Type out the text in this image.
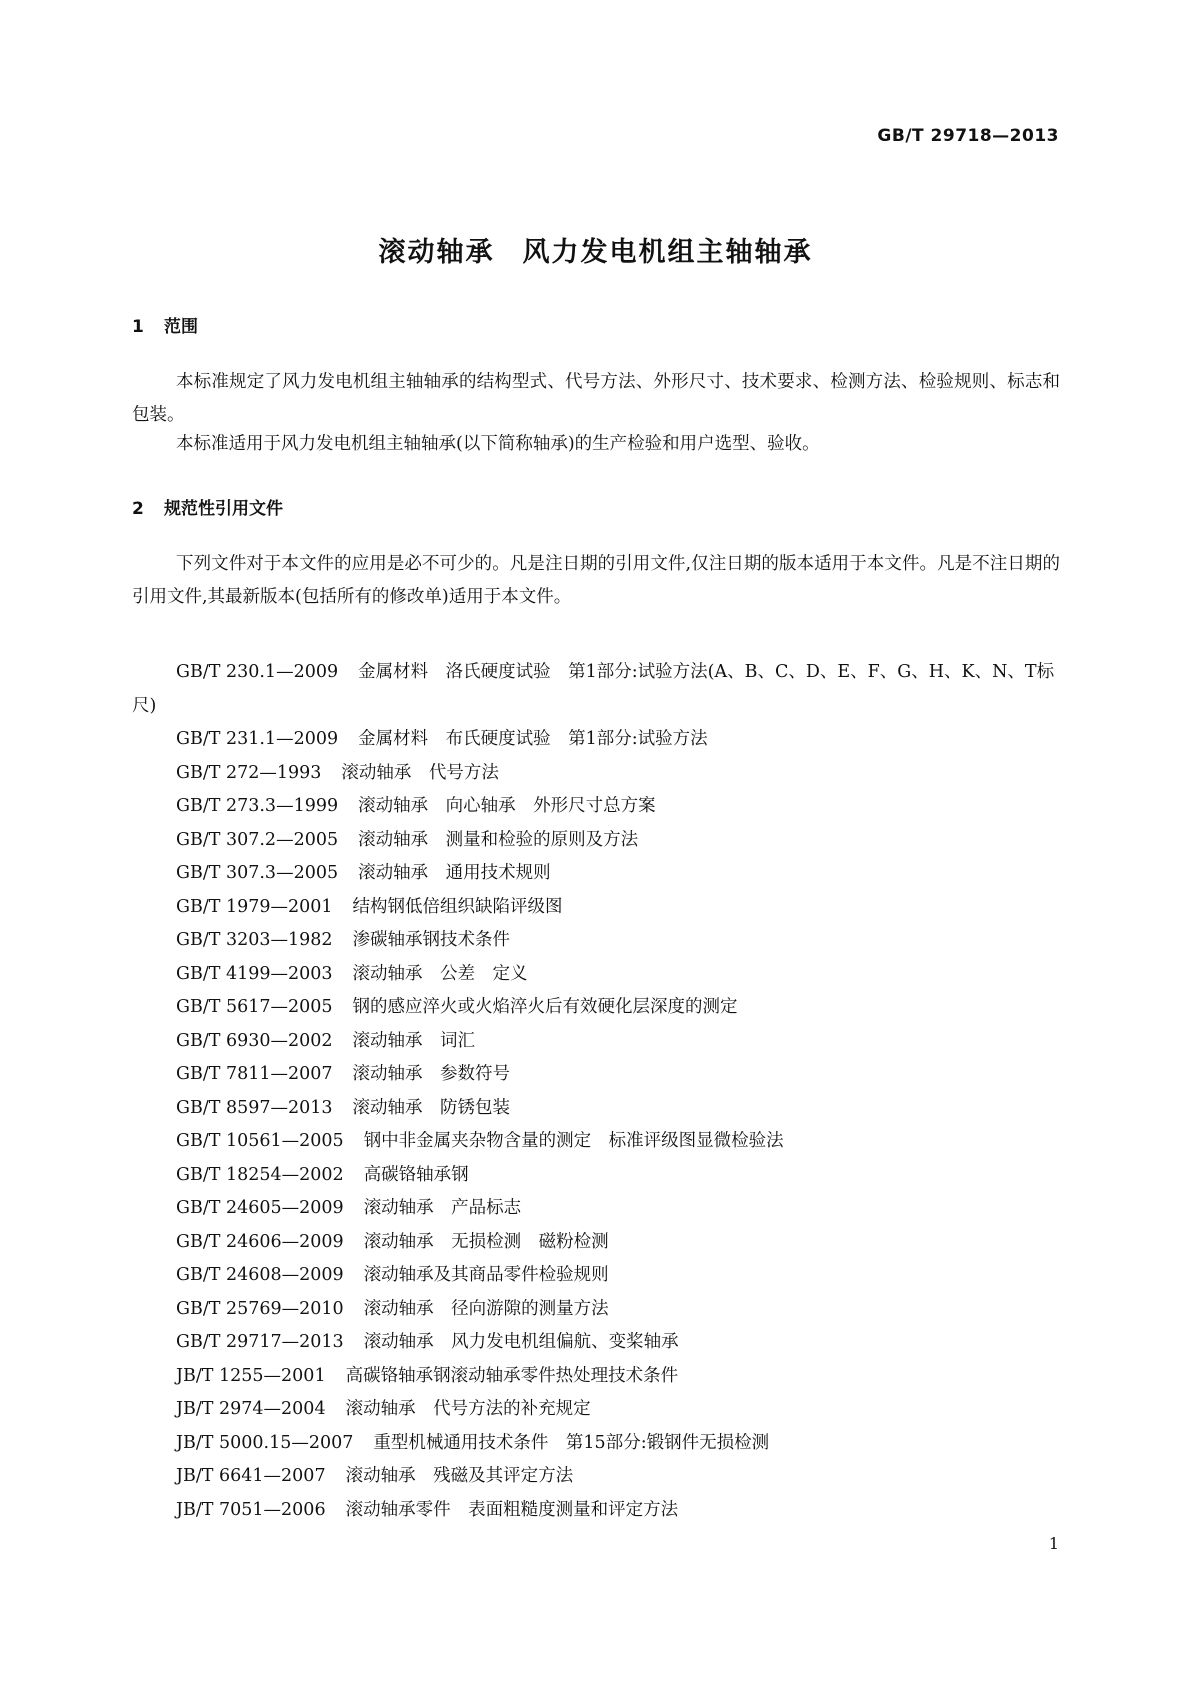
GB/T 29718—2013
滚动轴承 风力发电机组主轴轴承
1 范围
本标准规定了风力发电机组主轴轴承的结构型式、代号方法、外形尺寸、技术要求、检测方法、检验规则、标志和包装。
本标准适用于风力发电机组主轴轴承(以下简称轴承)的生产检验和用户选型、验收。
2 规范性引用文件
下列文件对于本文件的应用是必不可少的。凡是注日期的引用文件,仅注日期的版本适用于本文件。凡是不注日期的引用文件,其最新版本(包括所有的修改单)适用于本文件。
GB/T 230.1—2009 金属材料　洛氏硬度试验　第1部分:试验方法(A、B、C、D、E、F、G、H、K、N、T标尺)
GB/T 231.1—2009 金属材料　布氏硬度试验　第1部分:试验方法
GB/T 272—1993 滚动轴承　代号方法
GB/T 273.3—1999 滚动轴承　向心轴承　外形尺寸总方案
GB/T 307.2—2005 滚动轴承　测量和检验的原则及方法
GB/T 307.3—2005 滚动轴承　通用技术规则
GB/T 1979—2001 结构钢低倍组织缺陷评级图
GB/T 3203—1982 渗碳轴承钢技术条件
GB/T 4199—2003 滚动轴承　公差　定义
GB/T 5617—2005 钢的感应淬火或火焰淬火后有效硬化层深度的测定
GB/T 6930—2002 滚动轴承　词汇
GB/T 7811—2007 滚动轴承　参数符号
GB/T 8597—2013 滚动轴承　防锈包装
GB/T 10561—2005 钢中非金属夹杂物含量的测定　标准评级图显微检验法
GB/T 18254—2002 高碳铬轴承钢
GB/T 24605—2009 滚动轴承　产品标志
GB/T 24606—2009 滚动轴承　无损检测　磁粉检测
GB/T 24608—2009 滚动轴承及其商品零件检验规则
GB/T 25769—2010 滚动轴承　径向游隙的测量方法
GB/T 29717—2013 滚动轴承　风力发电机组偏航、变桨轴承
JB/T 1255—2001 高碳铬轴承钢滚动轴承零件热处理技术条件
JB/T 2974—2004 滚动轴承　代号方法的补充规定
JB/T 5000.15—2007 重型机械通用技术条件　第15部分:锻钢件无损检测
JB/T 6641—2007 滚动轴承　残磁及其评定方法
JB/T 7051—2006 滚动轴承零件　表面粗糙度测量和评定方法
1
